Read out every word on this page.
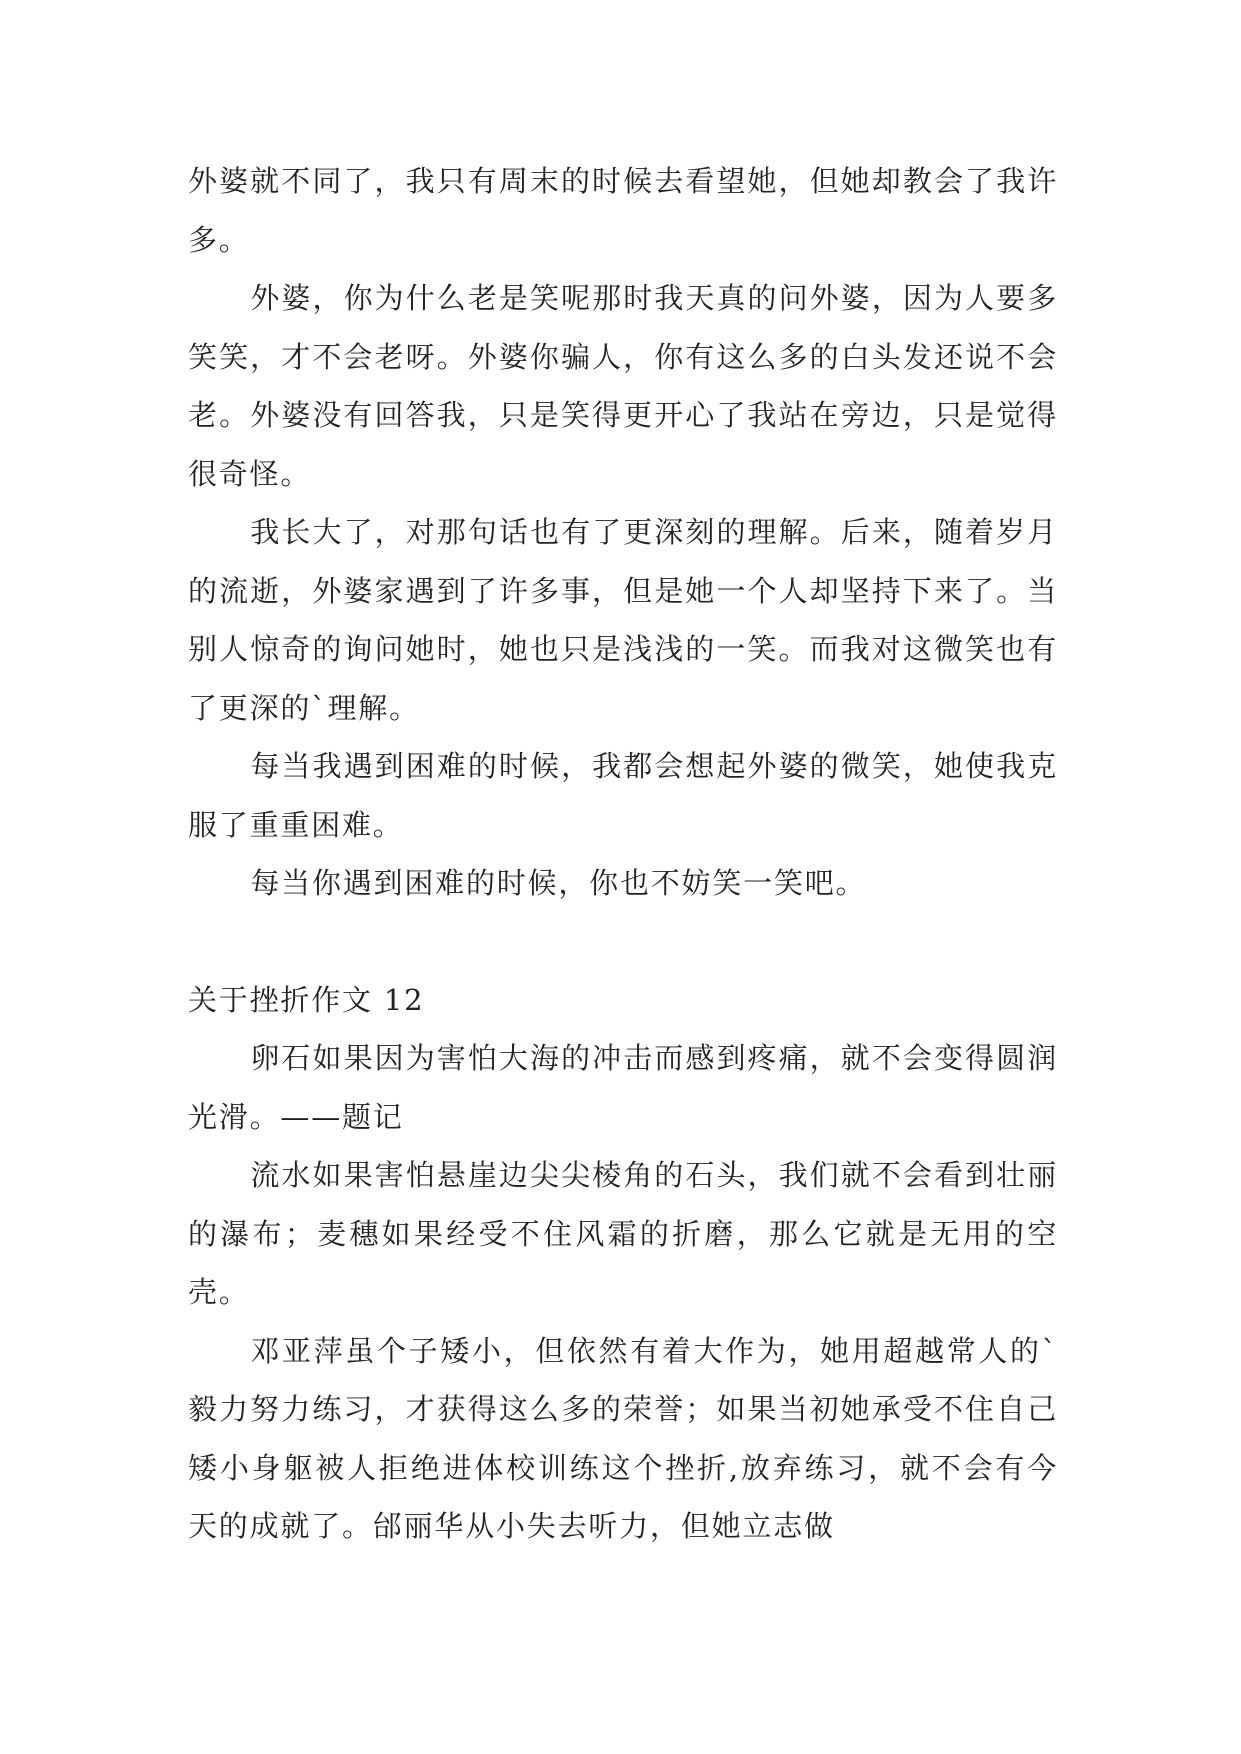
外婆就不同了，我只有周末的时候去看望她，但她却教会了我许多。

外婆，你为什么老是笑呢那时我天真的问外婆，因为人要多笑笑，才不会老呀。外婆你骗人，你有这么多的白头发还说不会老。外婆没有回答我，只是笑得更开心了我站在旁边，只是觉得很奇怪。

我长大了，对那句话也有了更深刻的理解。后来，随着岁月的流逝，外婆家遇到了许多事，但是她一个人却坚持下来了。当别人惊奇的询问她时，她也只是浅浅的一笑。而我对这微笑也有了更深的`理解。

每当我遇到困难的时候，我都会想起外婆的微笑，她使我克服了重重困难。

每当你遇到困难的时候，你也不妨笑一笑吧。

关于挫折作文 12

卵石如果因为害怕大海的冲击而感到疼痛，就不会变得圆润光滑。——题记

流水如果害怕悬崖边尖尖棱角的石头，我们就不会看到壮丽的瀑布；麦穗如果经受不住风霜的折磨，那么它就是无用的空壳。

邓亚萍虽个子矮小，但依然有着大作为，她用超越常人的`毅力努力练习，才获得这么多的荣誉；如果当初她承受不住自己矮小身躯被人拒绝进体校训练这个挫折,放弃练习，就不会有今天的成就了。邰丽华从小失去听力，但她立志做
